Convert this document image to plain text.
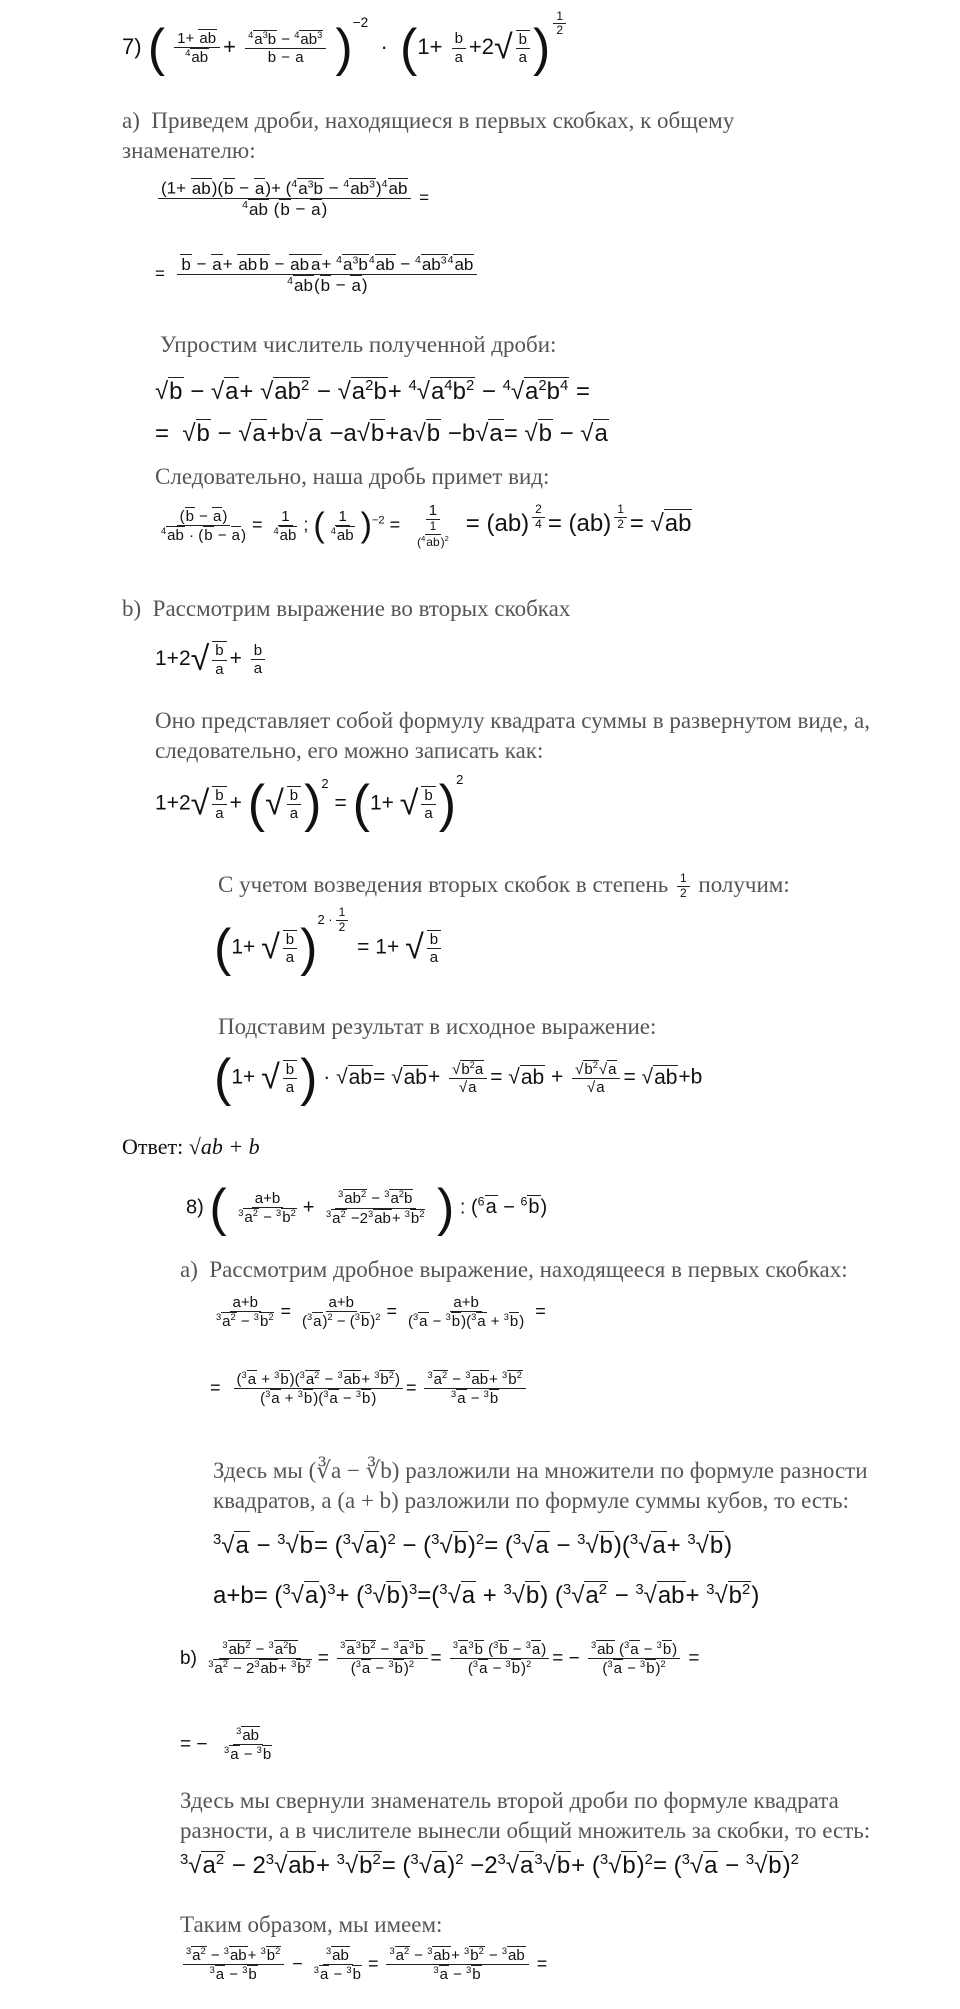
7) ( $\frac{1+ ab}{^4ab} + \frac{^4a^3b - ^4ab^3}{b - a} )^{-2} \cdot (1+ \frac{b}{a} +2√ \frac{b}{a}$ ) $^{\frac{1}{2}}$
a) Приведем дроби, находящиеся в первых скобках, к общему знаменателю:
$\frac{(1+ ab)(b - a)+ (^4a^3b - ^4ab^3)^4ab}{^4ab (b - a)}$ =
=
b − a+ ab b − ab $a+ ^4a^3b^4ab - ^4ab^{34}ab$
$^4$ab(b − a)
Упростим числитель полученной дроби:
$√b - √a+ √ab^2 - √a^2b+ ^4√a^4b^2 - ^4√a^2b^4$ =
=  √b − √a+b√a −a√b+a√b −b√a= √b − √a
Следовательно, наша дробь примет вид:
$\frac{(b - a)}{^4ab \cdot (b - a)} = \frac{1}{^4ab}$ ; ( $\frac{1}{^4ab} )^{-2} = \frac{1}{\frac{1}{(^4ab)^2}} = (ab)$ $^{\frac{2}{4}}$ = (ab) $^{\frac{1}{2}}$ = √ab
b) Рассмотрим выражение во вторых скобках
$1+2√ \frac{b}{a} + \frac{b}{a}$
Оно представляет собой формулу квадрата суммы в развернутом виде, а, следовательно, его можно записать как:
$1+2√ \frac{b}{a}$ + (√ $\frac{b}{a} )^2 = (1+$ √ $\frac{b}{a} )^2$
С учетом возведения вторых скобок в степень $\frac{1}{2}$ получим:
(1+ √ $\frac{b}{a} )^{2 \cdot \frac{1}{2}}$
= 1+ √ $\frac{b}{a}$
Подставим результат в исходное выражение:
(1+ √ $\frac{b}{a}$ ) · $√ab= √ab+ \frac{√b^2a}{√a} = √ab + \frac{√b^2√a}{√a} = √ab+b$
Ответ: √ab + b
8) ( $\frac{a+b}{^3a^2 - ^3b^2} + \frac{^3ab^2 - ^3a^2b}{^3a^2 -2^3ab+ ^3b^2}$ ) : ($^6$a − $^6$b)
a) Рассмотрим дробное выражение, находящееся в первых скобках:
$\frac{a+b}{^3a^2 - ^3b^2} = \frac{a+b}{(^3a)^2 - (^3b)^2} = \frac{a+b}{(^3a - ^3b)(^3a + ^3b)}$ =
= $\frac{(^3a + ^3b)(^3a^2 - ^3ab+ ^3b^2)}{(^3a + ^3b)(^3a - ^3b)} = \frac{^3a^2 - ^3ab+ ^3b^2}{^3a - ^3b}$
Здесь мы (∛a − ∛b) разложили на множители по формуле разности квадратов, а (a + b) разложили по формуле суммы кубов, то есть:
$^3√a - ^3√b= (^3√a)^2 - (^3√b)^2= (^3√a - ^3√b)(^3√a+ ^3√b)$
$a+b= (^3√a)^3+ (^3√b)^3=(^3√a + ^3√b) (^3√a^2 - ^3√ab+ ^3√b^2)$
$b) \frac{^3ab^2 - ^3a^2b}{^3a^2 - 2^3ab+ ^3b^2} = \frac{^3a^3b^2 - ^3a^3b}{(^3a - ^3b)^2} = \frac{^3a^3b (^3b - ^3a)}{(^3a - ^3b)^2}$ = − $\frac{^3ab (^3a - ^3b)}{(^3a - ^3b)^2}$ =
= − $\frac{^3ab}{^3a - ^3b}$
Здесь мы свернули знаменатель второй дроби по формуле квадрата разности, а в числителе вынесли общий множитель за скобки, то есть:
$^3√a^2 - 2^3√ab+ ^3√b^2= (^3√a)^2 -2^3√a^3√b+ (^3√b)^2= (^3√a - ^3√b)^2$
Таким образом, мы имеем:
$\frac{^3a^2 - ^3ab+ ^3b^2}{^3a - ^3b} - \frac{^3ab}{^3a - ^3b} = \frac{^3a^2 - ^3ab+ ^3b^2 - ^3ab}{^3a - ^3b}$ =
